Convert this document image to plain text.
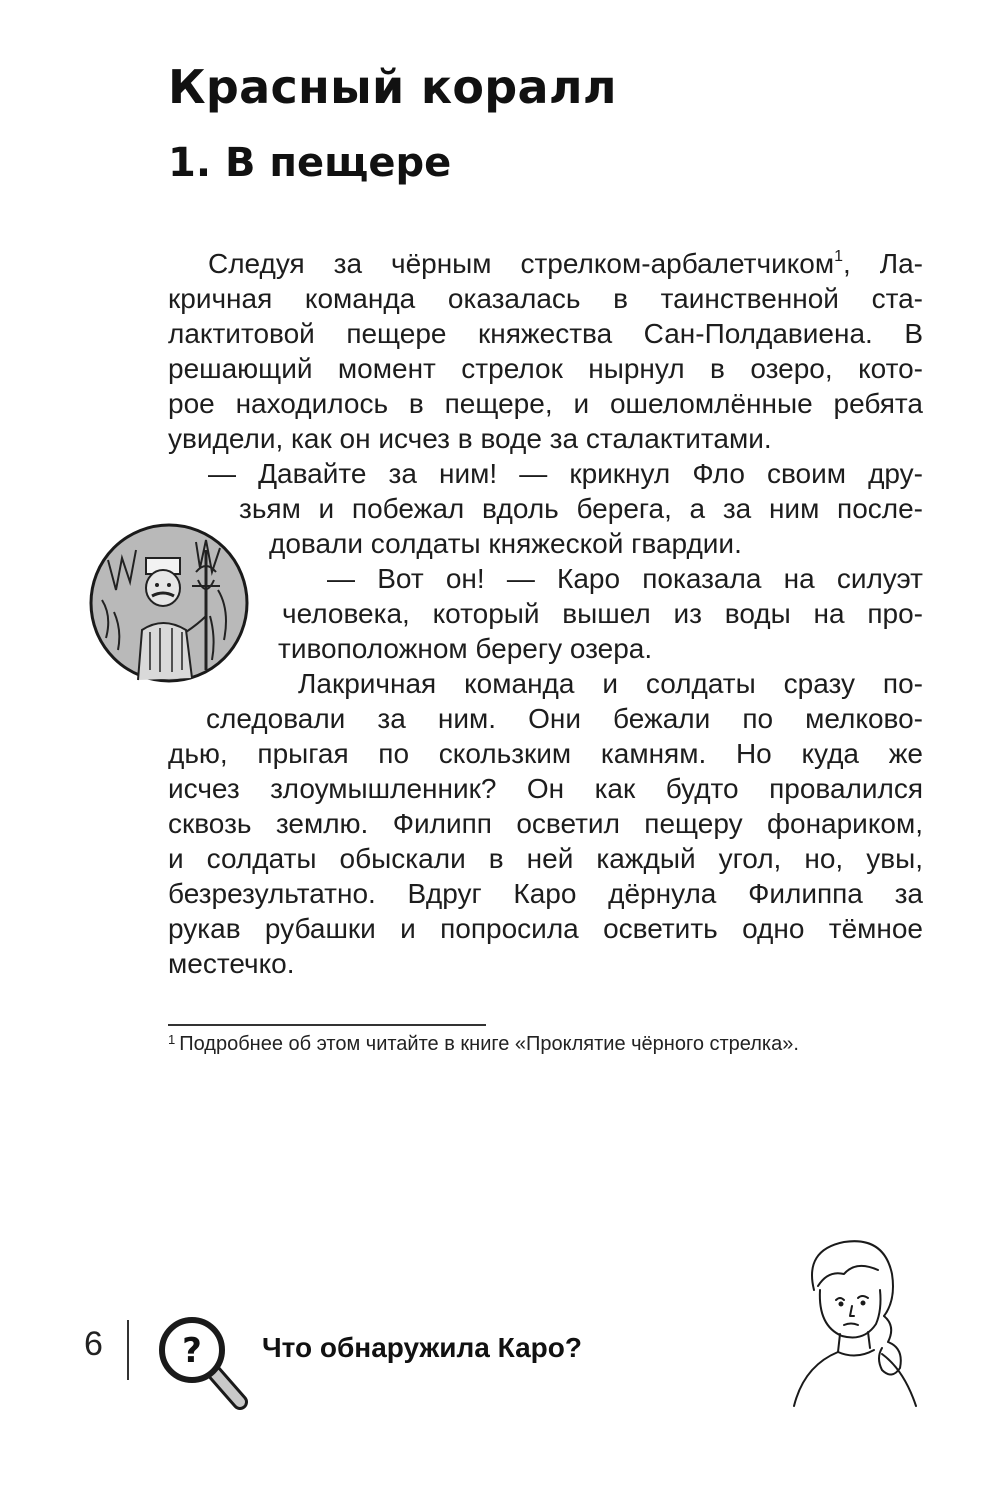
Красный коралл
1. В пещере
Следуя за чёрным стрелком-арбалетчиком$^1$, Ла-
кричная команда оказалась в таинственной ста-
лактитовой пещере княжества Сан-Полдавиена. В
решающий момент стрелок нырнул в озеро, кото-
рое находилось в пещере, и ошеломлённые ребята
увидели, как он исчез в воде за сталактитами.
— Давайте за ним! — крикнул Фло своим дру-
зьям и побежал вдоль берега, а за ним после-
довали солдаты княжеской гвардии.
— Вот он! — Каро показала на силуэт
человека, который вышел из воды на про-
тивоположном берегу озера.
Лакричная команда и солдаты сразу по-
следовали за ним. Они бежали по мелково-
дью, прыгая по скользким камням. Но куда же
исчез злоумышленник? Он как будто провалился
сквозь землю. Филипп осветил пещеру фонариком,
и солдаты обыскали в ней каждый угол, но, увы,
безрезультатно. Вдруг Каро дёрнула Филиппа за
рукав рубашки и попросила осветить одно тёмное
местечко.
$^1$ Подробнее об этом читайте в книге «Проклятие чёрного стрелка».
6 ? Что обнаружила Каро?
